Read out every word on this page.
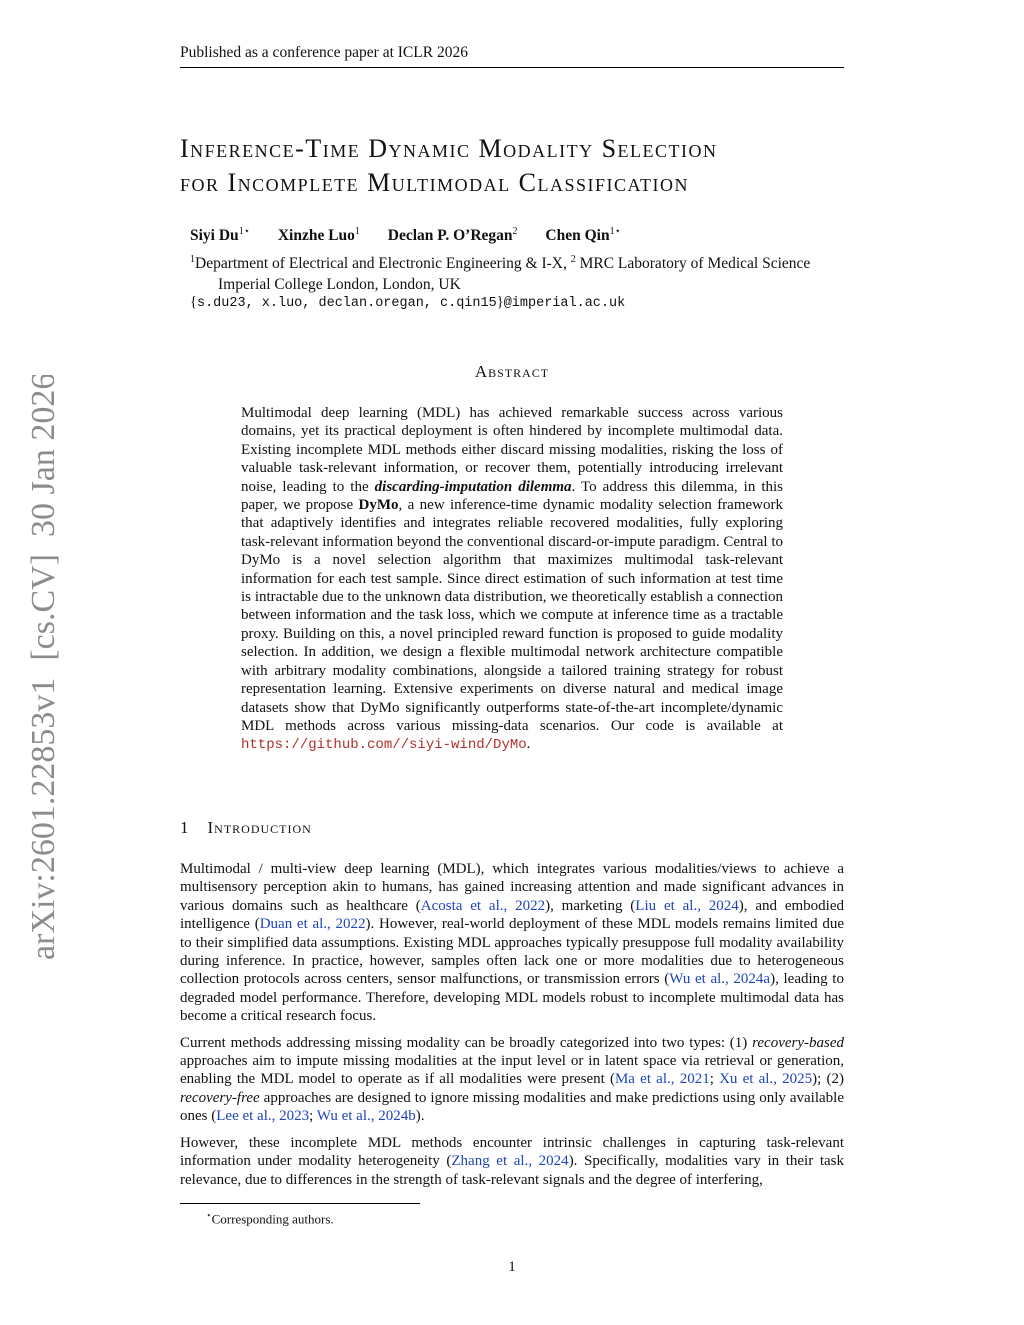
Published as a conference paper at ICLR 2026
arXiv:2601.22853v1  [cs.CV]  30 Jan 2026
Inference-Time Dynamic Modality Selection
for Incomplete Multimodal Classification
Siyi $Du^{1⋆}$ Xinzhe Luo$^1$ Declan P. O’Regan$^2$ Chen Qin$^{1⋆}$
$^1$Department of Electrical and Electronic Engineering & I-X, $^2$ MRC Laboratory of Medical Science
Imperial College London, London, UK
{s.du23, x.luo, declan.oregan, c.qin15}@imperial.ac.uk
Abstract
Multimodal deep learning (MDL) has achieved remarkable success across various domains, yet its practical deployment is often hindered by incomplete multimodal data. Existing incomplete MDL methods either discard missing modalities, risking the loss of valuable task-relevant information, or recover them, potentially introducing irrelevant noise, leading to the discarding-imputation dilemma. To address this dilemma, in this paper, we propose DyMo, a new inference-time dynamic modality selection framework that adaptively identifies and integrates reliable recovered modalities, fully exploring task-relevant information beyond the conventional discard-or-impute paradigm. Central to DyMo is a novel selection algorithm that maximizes multimodal task-relevant information for each test sample. Since direct estimation of such information at test time is intractable due to the unknown data distribution, we theoretically establish a connection between information and the task loss, which we compute at inference time as a tractable proxy. Building on this, a novel principled reward function is proposed to guide modality selection. In addition, we design a flexible multimodal network architecture compatible with arbitrary modality combinations, alongside a tailored training strategy for robust representation learning. Extensive experiments on diverse natural and medical image datasets show that DyMo significantly outperforms state-of-the-art incomplete/dynamic MDL methods across various missing-data scenarios. Our code is available at https://github.com//siyi-wind/DyMo.
1 Introduction

Multimodal / multi-view deep learning (MDL), which integrates various modalities/views to achieve a multisensory perception akin to humans, has gained increasing attention and made significant advances in various domains such as healthcare (Acosta et al., 2022), marketing (Liu et al., 2024), and embodied intelligence (Duan et al., 2022). However, real-world deployment of these MDL models remains limited due to their simplified data assumptions. Existing MDL approaches typically presuppose full modality availability during inference. In practice, however, samples often lack one or more modalities due to heterogeneous collection protocols across centers, sensor malfunctions, or transmission errors (Wu et al., 2024a), leading to degraded model performance. Therefore, developing MDL models robust to incomplete multimodal data has become a critical research focus.

Current methods addressing missing modality can be broadly categorized into two types: (1) recovery-based approaches aim to impute missing modalities at the input level or in latent space via retrieval or generation, enabling the MDL model to operate as if all modalities were present (Ma et al., 2021; Xu et al., 2025); (2) recovery-free approaches are designed to ignore missing modalities and make predictions using only available ones (Lee et al., 2023; Wu et al., 2024b).

However, these incomplete MDL methods encounter intrinsic challenges in capturing task-relevant information under modality heterogeneity (Zhang et al., 2024). Specifically, modalities vary in their task relevance, due to differences in the strength of task-relevant signals and the degree of interfering,

⋆Corresponding authors.
1
